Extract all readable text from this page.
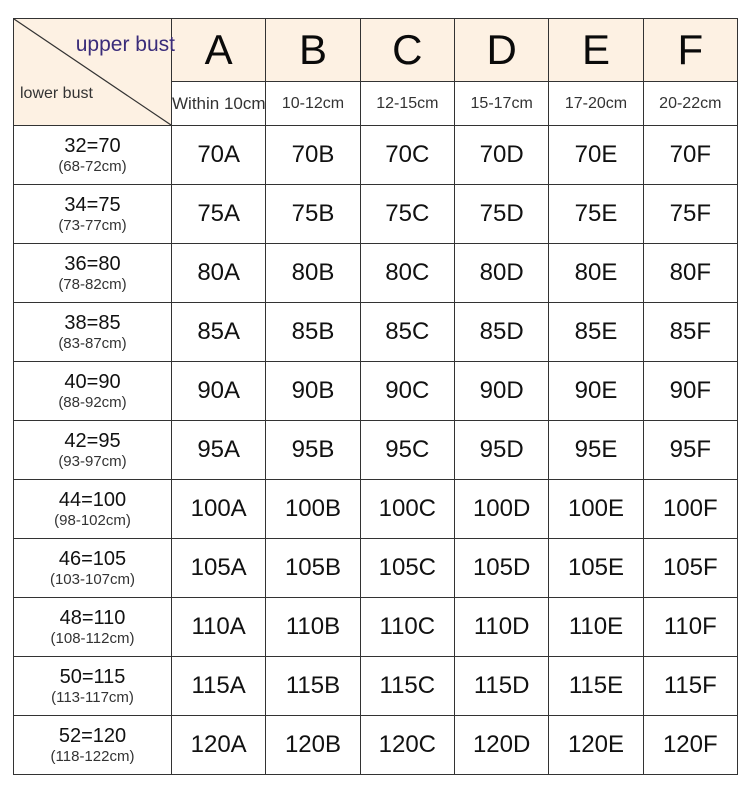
upper bust
lower bust	A	B	C	D	E	F
	Within 10cm	10-12cm	12-15cm	15-17cm	17-20cm	20-22cm

32=70
(68-72cm)	70A	70B	70C	70D	70E	70F

34=75
(73-77cm)	75A	75B	75C	75D	75E	75F

36=80
(78-82cm)	80A	80B	80C	80D	80E	80F

38=85
(83-87cm)	85A	85B	85C	85D	85E	85F

40=90
(88-92cm)	90A	90B	90C	90D	90E	90F

42=95
(93-97cm)	95A	95B	95C	95D	95E	95F

44=100
(98-102cm)	100A	100B	100C	100D	100E	100F

46=105
(103-107cm)	105A	105B	105C	105D	105E	105F

48=110
(108-112cm)	110A	110B	110C	110D	110E	110F

50=115
(113-117cm)	115A	115B	115C	115D	115E	115F

52=120
(118-122cm)	120A	120B	120C	120D	120E	120F
